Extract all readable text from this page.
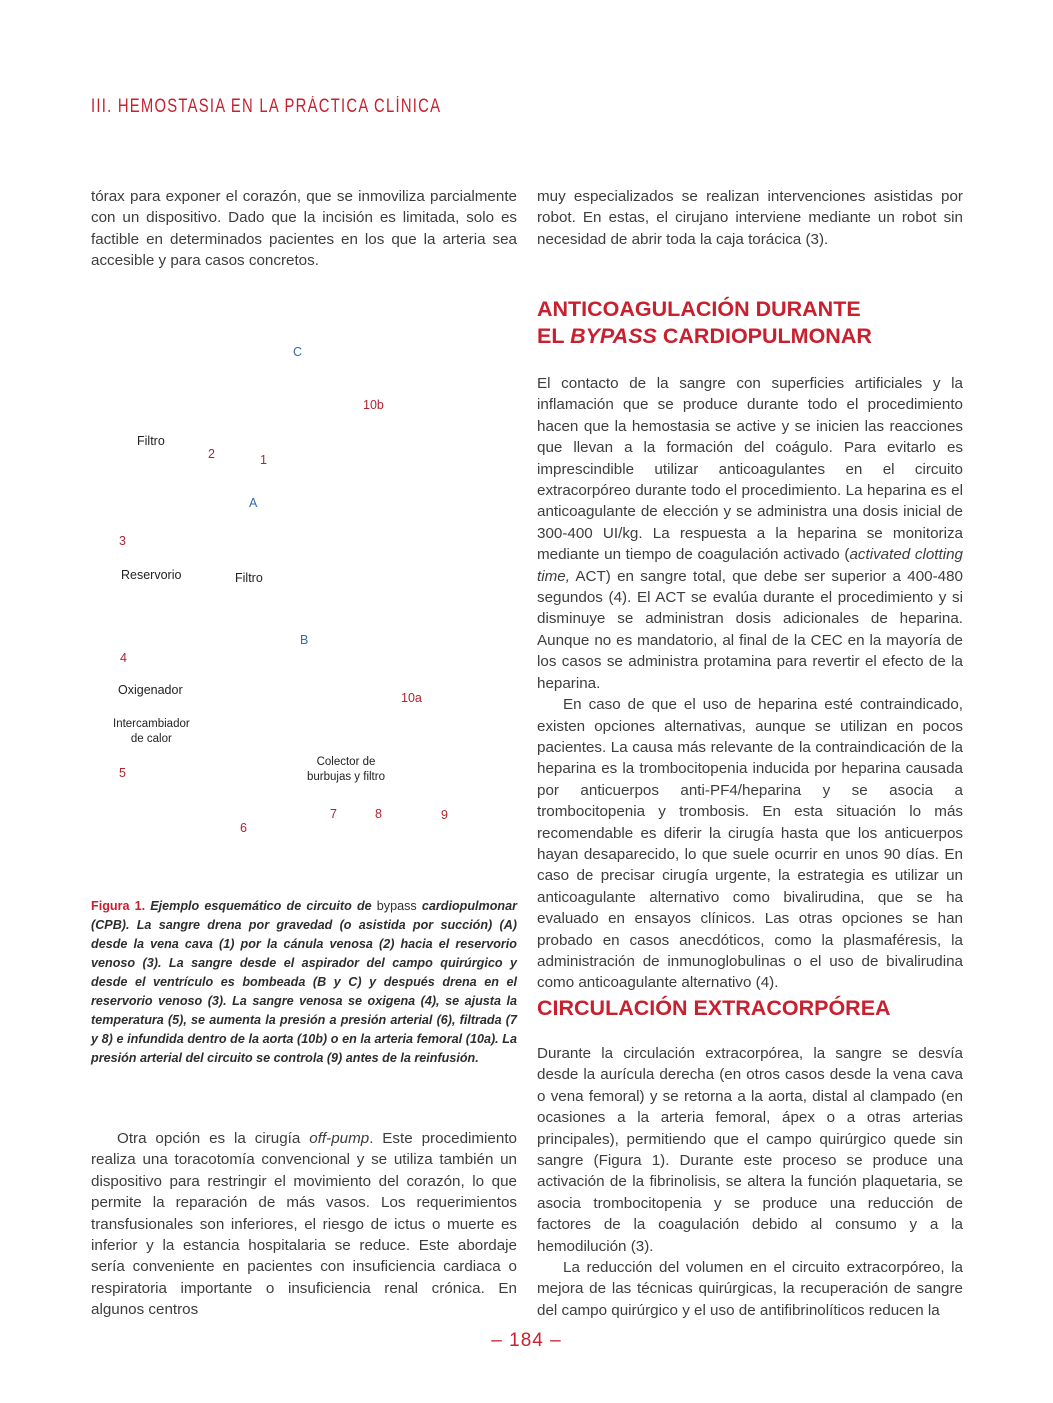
III. HEMOSTASIA EN LA PRÁCTICA CLÍNICA

tórax para exponer el corazón, que se inmoviliza parcialmente con un dispositivo. Dado que la incisión es limitada, solo es factible en determinados pacientes en los que la arteria sea accesible y para casos concretos.

C
10b
Filtro
2	1
A
3
Reservorio	Filtro
B
4
Oxigenador
10a
Intercambiador
de calor
Colector de
burbujas y filtro
5
7	8	9
6
Figura 1. Ejemplo esquemático de circuito de bypass cardiopulmonar (CPB). La sangre drena por gravedad (o asistida por succión) (A) desde la vena cava (1) por la cánula venosa (2) hacia el reservorio venoso (3). La sangre desde el aspirador del campo quirúrgico y desde el ventrículo es bombeada (B y C) y después drena en el reservorio venoso (3). La sangre venosa se oxigena (4), se ajusta la temperatura (5), se aumenta la presión a presión arterial (6), filtrada (7 y 8) e infundida dentro de la aorta (10b) o en la arteria femoral (10a). La presión arterial del circuito se controla (9) antes de la reinfusión.

Otra opción es la cirugía off-pump. Este procedimiento realiza una toracotomía convencional y se utiliza también un dispositivo para restringir el movimiento del corazón, lo que permite la reparación de más vasos. Los requerimientos transfusionales son inferiores, el riesgo de ictus o muerte es inferior y la estancia hospitalaria se reduce. Este abordaje sería conveniente en pacientes con insuficiencia cardiaca o respiratoria importante o insuficiencia renal crónica. En algunos centros

muy especializados se realizan intervenciones asistidas por robot. En estas, el cirujano interviene mediante un robot sin necesidad de abrir toda la caja torácica (3).

ANTICOAGULACIÓN DURANTE
EL BYPASS CARDIOPULMONAR

El contacto de la sangre con superficies artificiales y la inflamación que se produce durante todo el procedimiento hacen que la hemostasia se active y se inicien las reacciones que llevan a la formación del coágulo. Para evitarlo es imprescindible utilizar anticoagulantes en el circuito extracorpóreo durante todo el procedimiento. La heparina es el anticoagulante de elección y se administra una dosis inicial de 300-400 UI/kg. La respuesta a la heparina se monitoriza mediante un tiempo de coagulación activado (activated clotting time, ACT) en sangre total, que debe ser superior a 400-480 segundos (4). El ACT se evalúa durante el procedimiento y si disminuye se administran dosis adicionales de heparina. Aunque no es mandatorio, al final de la CEC en la mayoría de los casos se administra protamina para revertir el efecto de la heparina.

En caso de que el uso de heparina esté contraindicado, existen opciones alternativas, aunque se utilizan en pocos pacientes. La causa más relevante de la contraindicación de la heparina es la trombocitopenia inducida por heparina causada por anticuerpos anti-PF4/heparina y se asocia a trombocitopenia y trombosis. En esta situación lo más recomendable es diferir la cirugía hasta que los anticuerpos hayan desaparecido, lo que suele ocurrir en unos 90 días. En caso de precisar cirugía urgente, la estrategia es utilizar un anticoagulante alternativo como bivalirudina, que se ha evaluado en ensayos clínicos. Las otras opciones se han probado en casos anecdóticos, como la plasmaféresis, la administración de inmunoglobulinas o el uso de bivalirudina como anticoagulante alternativo (4).

CIRCULACIÓN EXTRACORPÓREA

Durante la circulación extracorpórea, la sangre se desvía desde la aurícula derecha (en otros casos desde la vena cava o vena femoral) y se retorna a la aorta, distal al clampado (en ocasiones a la arteria femoral, ápex o a otras arterias principales), permitiendo que el campo quirúrgico quede sin sangre (Figura 1). Durante este proceso se produce una activación de la fibrinolisis, se altera la función plaquetaria, se asocia trombocitopenia y se produce una reducción de factores de la coagulación debido al consumo y a la hemodilución (3).

La reducción del volumen en el circuito extracorpóreo, la mejora de las técnicas quirúrgicas, la recuperación de sangre del campo quirúrgico y el uso de antifibrinolíticos reducen la

– 184 –
